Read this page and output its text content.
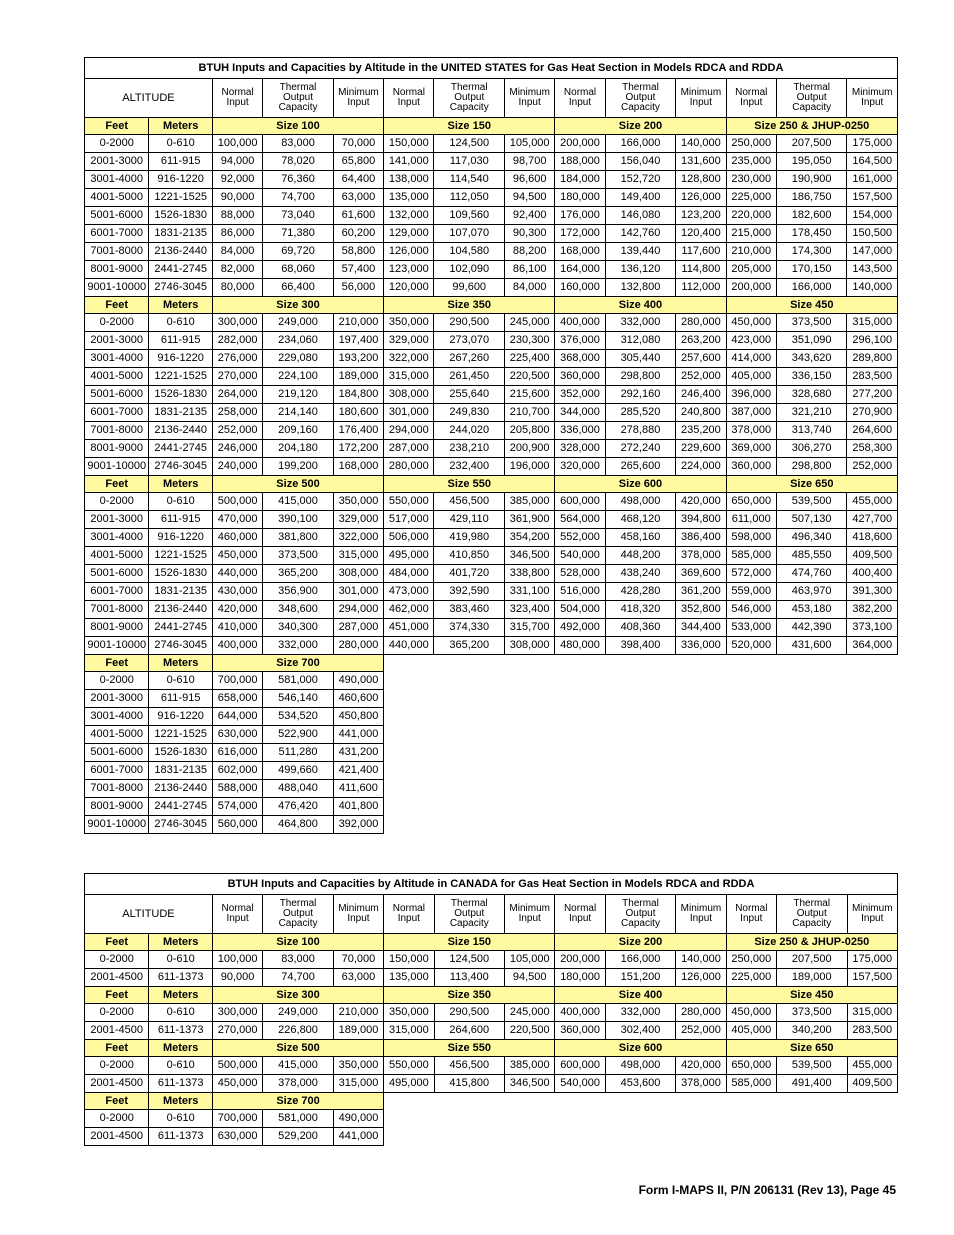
BTUH Inputs and Capacities by Altitude in the UNITED STATES for Gas Heat Section in Models RDCA and RDDA													
ALTITUDE		Normal Input	Thermal Output Capacity	Minimum Input	Normal Input	Thermal Output Capacity	Minimum Input	Normal Input	Thermal Output Capacity	Minimum Input	Normal Input	Thermal Output Capacity	Minimum Input
Feet	Meters	Size 100			Size 150			Size 200			Size 250 & JHUP-0250		
0-2000	0-610	100,000	83,000	70,000	150,000	124,500	105,000	200,000	166,000	140,000	250,000	207,500	175,000
2001-3000	611-915	94,000	78,020	65,800	141,000	117,030	98,700	188,000	156,040	131,600	235,000	195,050	164,500
3001-4000	916-1220	92,000	76,360	64,400	138,000	114,540	96,600	184,000	152,720	128,800	230,000	190,900	161,000
4001-5000	1221-1525	90,000	74,700	63,000	135,000	112,050	94,500	180,000	149,400	126,000	225,000	186,750	157,500
5001-6000	1526-1830	88,000	73,040	61,600	132,000	109,560	92,400	176,000	146,080	123,200	220,000	182,600	154,000
6001-7000	1831-2135	86,000	71,380	60,200	129,000	107,070	90,300	172,000	142,760	120,400	215,000	178,450	150,500
7001-8000	2136-2440	84,000	69,720	58,800	126,000	104,580	88,200	168,000	139,440	117,600	210,000	174,300	147,000
8001-9000	2441-2745	82,000	68,060	57,400	123,000	102,090	86,100	164,000	136,120	114,800	205,000	170,150	143,500
9001-10000	2746-3045	80,000	66,400	56,000	120,000	99,600	84,000	160,000	132,800	112,000	200,000	166,000	140,000
Feet	Meters	Size 300			Size 350			Size 400			Size 450		
0-2000	0-610	300,000	249,000	210,000	350,000	290,500	245,000	400,000	332,000	280,000	450,000	373,500	315,000
2001-3000	611-915	282,000	234,060	197,400	329,000	273,070	230,300	376,000	312,080	263,200	423,000	351,090	296,100
3001-4000	916-1220	276,000	229,080	193,200	322,000	267,260	225,400	368,000	305,440	257,600	414,000	343,620	289,800
4001-5000	1221-1525	270,000	224,100	189,000	315,000	261,450	220,500	360,000	298,800	252,000	405,000	336,150	283,500
5001-6000	1526-1830	264,000	219,120	184,800	308,000	255,640	215,600	352,000	292,160	246,400	396,000	328,680	277,200
6001-7000	1831-2135	258,000	214,140	180,600	301,000	249,830	210,700	344,000	285,520	240,800	387,000	321,210	270,900
7001-8000	2136-2440	252,000	209,160	176,400	294,000	244,020	205,800	336,000	278,880	235,200	378,000	313,740	264,600
8001-9000	2441-2745	246,000	204,180	172,200	287,000	238,210	200,900	328,000	272,240	229,600	369,000	306,270	258,300
9001-10000	2746-3045	240,000	199,200	168,000	280,000	232,400	196,000	320,000	265,600	224,000	360,000	298,800	252,000
Feet	Meters	Size 500			Size 550			Size 600			Size 650		
0-2000	0-610	500,000	415,000	350,000	550,000	456,500	385,000	600,000	498,000	420,000	650,000	539,500	455,000
2001-3000	611-915	470,000	390,100	329,000	517,000	429,110	361,900	564,000	468,120	394,800	611,000	507,130	427,700
3001-4000	916-1220	460,000	381,800	322,000	506,000	419,980	354,200	552,000	458,160	386,400	598,000	496,340	418,600
4001-5000	1221-1525	450,000	373,500	315,000	495,000	410,850	346,500	540,000	448,200	378,000	585,000	485,550	409,500
5001-6000	1526-1830	440,000	365,200	308,000	484,000	401,720	338,800	528,000	438,240	369,600	572,000	474,760	400,400
6001-7000	1831-2135	430,000	356,900	301,000	473,000	392,590	331,100	516,000	428,280	361,200	559,000	463,970	391,300
7001-8000	2136-2440	420,000	348,600	294,000	462,000	383,460	323,400	504,000	418,320	352,800	546,000	453,180	382,200
8001-9000	2441-2745	410,000	340,300	287,000	451,000	374,330	315,700	492,000	408,360	344,400	533,000	442,390	373,100
9001-10000	2746-3045	400,000	332,000	280,000	440,000	365,200	308,000	480,000	398,400	336,000	520,000	431,600	364,000
Feet	Meters	Size 700											
0-2000	0-610	700,000	581,000	490,000									
2001-3000	611-915	658,000	546,140	460,600									
3001-4000	916-1220	644,000	534,520	450,800									
4001-5000	1221-1525	630,000	522,900	441,000									
5001-6000	1526-1830	616,000	511,280	431,200									
6001-7000	1831-2135	602,000	499,660	421,400									
7001-8000	2136-2440	588,000	488,040	411,600									
8001-9000	2441-2745	574,000	476,420	401,800									
9001-10000	2746-3045	560,000	464,800	392,000									
BTUH Inputs and Capacities by Altitude in CANADA for Gas Heat Section in Models RDCA and RDDA													
ALTITUDE		Normal Input	Thermal Output Capacity	Minimum Input	Normal Input	Thermal Output Capacity	Minimum Input	Normal Input	Thermal Output Capacity	Minimum Input	Normal Input	Thermal Output Capacity	Minimum Input
Feet	Meters	Size 100			Size 150			Size 200			Size 250 & JHUP-0250		
0-2000	0-610	100,000	83,000	70,000	150,000	124,500	105,000	200,000	166,000	140,000	250,000	207,500	175,000
2001-4500	611-1373	90,000	74,700	63,000	135,000	113,400	94,500	180,000	151,200	126,000	225,000	189,000	157,500
Feet	Meters	Size 300			Size 350			Size 400			Size 450		
0-2000	0-610	300,000	249,000	210,000	350,000	290,500	245,000	400,000	332,000	280,000	450,000	373,500	315,000
2001-4500	611-1373	270,000	226,800	189,000	315,000	264,600	220,500	360,000	302,400	252,000	405,000	340,200	283,500
Feet	Meters	Size 500			Size 550			Size 600			Size 650		
0-2000	0-610	500,000	415,000	350,000	550,000	456,500	385,000	600,000	498,000	420,000	650,000	539,500	455,000
2001-4500	611-1373	450,000	378,000	315,000	495,000	415,800	346,500	540,000	453,600	378,000	585,000	491,400	409,500
Feet	Meters	Size 700											
0-2000	0-610	700,000	581,000	490,000									
2001-4500	611-1373	630,000	529,200	441,000									
Form I-MAPS II, P/N 206131 (Rev 13), Page 45
